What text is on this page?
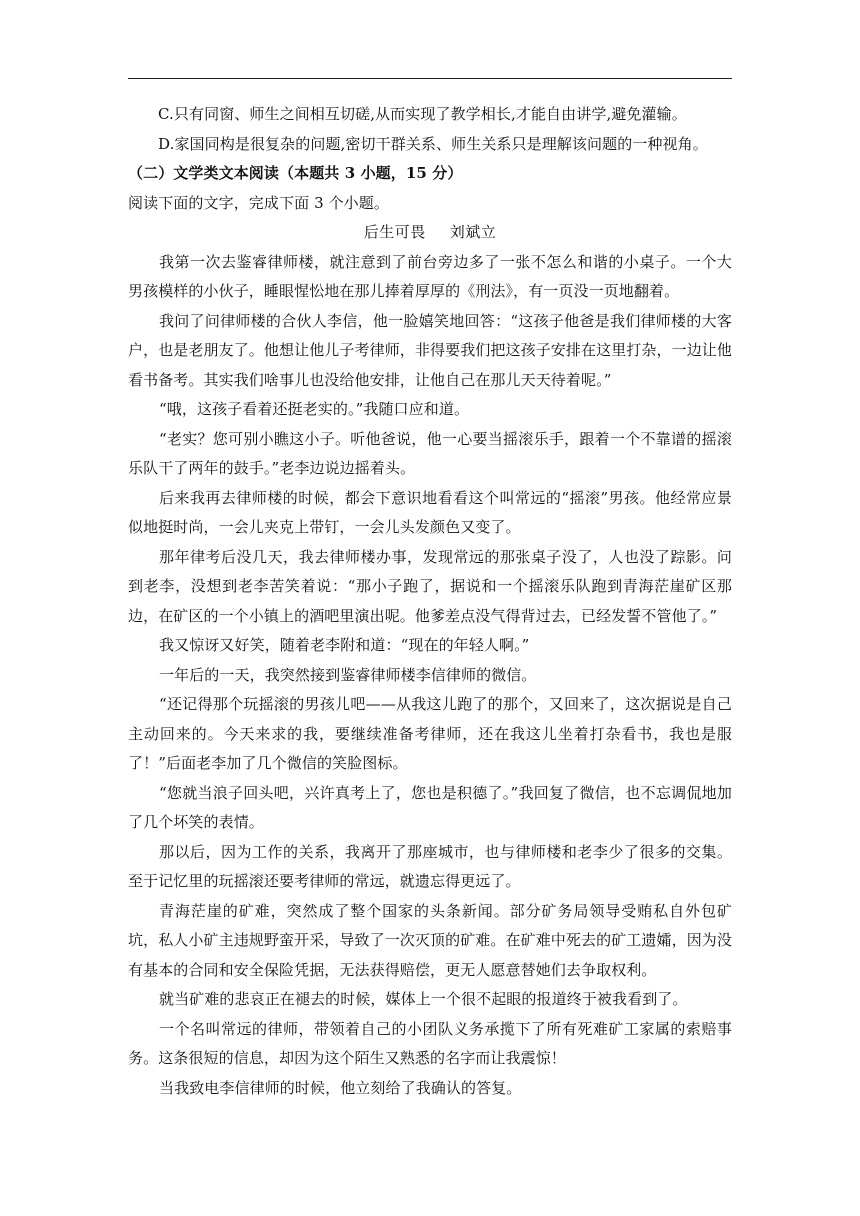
C.只有同窗、师生之间相互切磋,从而实现了教学相长,才能自由讲学,避免灌输。

D.家国同构是很复杂的问题,密切干群关系、师生关系只是理解该问题的一种视角。

（二）文学类文本阅读（本题共 3 小题，15 分）

阅读下面的文字，完成下面 3 个小题。

后生可畏 刘斌立

我第一次去鉴睿律师楼，就注意到了前台旁边多了一张不怎么和谐的小桌子。一个大男孩模样的小伙子，睡眼惺忪地在那儿捧着厚厚的《刑法》，有一页没一页地翻着。

我问了问律师楼的合伙人李信，他一脸嬉笑地回答：“这孩子他爸是我们律师楼的大客户，也是老朋友了。他想让他儿子考律师，非得要我们把这孩子安排在这里打杂，一边让他看书备考。其实我们啥事儿也没给他安排，让他自己在那儿天天待着呢。”

“哦，这孩子看着还挺老实的。”我随口应和道。

“老实？您可别小瞧这小子。听他爸说，他一心要当摇滚乐手，跟着一个不靠谱的摇滚乐队干了两年的鼓手。”老李边说边摇着头。

后来我再去律师楼的时候，都会下意识地看看这个叫常远的“摇滚”男孩。他经常应景似地挺时尚，一会儿夹克上带钉，一会儿头发颜色又变了。

那年律考后没几天，我去律师楼办事，发现常远的那张桌子没了，人也没了踪影。问到老李，没想到老李苦笑着说：“那小子跑了，据说和一个摇滚乐队跑到青海茫崖矿区那边，在矿区的一个小镇上的酒吧里演出呢。他爹差点没气得背过去，已经发誓不管他了。”

我又惊讶又好笑，随着老李附和道：“现在的年轻人啊。”

一年后的一天，我突然接到鉴睿律师楼李信律师的微信。

“还记得那个玩摇滚的男孩儿吧——从我这儿跑了的那个，又回来了，这次据说是自己主动回来的。今天来求的我，要继续准备考律师，还在我这儿坐着打杂看书，我也是服了！”后面老李加了几个微信的笑脸图标。

“您就当浪子回头吧，兴许真考上了，您也是积德了。”我回复了微信，也不忘调侃地加了几个坏笑的表情。

那以后，因为工作的关系，我离开了那座城市，也与律师楼和老李少了很多的交集。至于记忆里的玩摇滚还要考律师的常远，就遗忘得更远了。

青海茫崖的矿难，突然成了整个国家的头条新闻。部分矿务局领导受贿私自外包矿坑，私人小矿主违规野蛮开采，导致了一次灭顶的矿难。在矿难中死去的矿工遗孀，因为没有基本的合同和安全保险凭据，无法获得赔偿，更无人愿意替她们去争取权利。

就当矿难的悲哀正在褪去的时候，媒体上一个很不起眼的报道终于被我看到了。

一个名叫常远的律师，带领着自己的小团队义务承揽下了所有死难矿工家属的索赔事务。这条很短的信息，却因为这个陌生又熟悉的名字而让我震惊！

当我致电李信律师的时候，他立刻给了我确认的答复。
